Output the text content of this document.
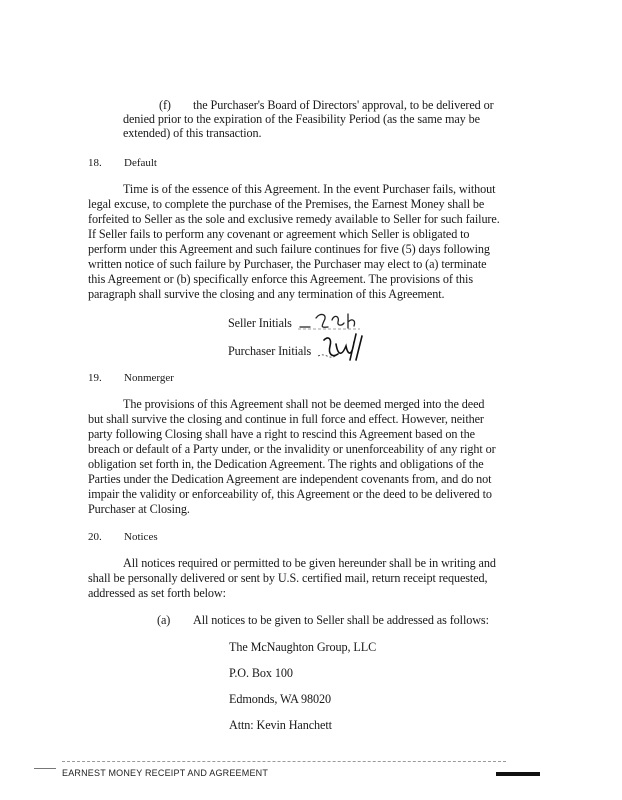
(f) the Purchaser's Board of Directors' approval, to be delivered or
denied prior to the expiration of the Feasibility Period (as the same may be
extended) of this transaction.
18. Default
Time is of the essence of this Agreement. In the event Purchaser fails, without
legal excuse, to complete the purchase of the Premises, the Earnest Money shall be
forfeited to Seller as the sole and exclusive remedy available to Seller for such failure.
If Seller fails to perform any covenant or agreement which Seller is obligated to
perform under this Agreement and such failure continues for five (5) days following
written notice of such failure by Purchaser, the Purchaser may elect to (a) terminate
this Agreement or (b) specifically enforce this Agreement. The provisions of this
paragraph shall survive the closing and any termination of this Agreement.
Seller Initials
Purchaser Initials
19. Nonmerger
The provisions of this Agreement shall not be deemed merged into the deed
but shall survive the closing and continue in full force and effect. However, neither
party following Closing shall have a right to rescind this Agreement based on the
breach or default of a Party under, or the invalidity or unenforceability of any right or
obligation set forth in, the Dedication Agreement. The rights and obligations of the
Parties under the Dedication Agreement are independent covenants from, and do not
impair the validity or enforceability of, this Agreement or the deed to be delivered to
Purchaser at Closing.
20. Notices
All notices required or permitted to be given hereunder shall be in writing and
shall be personally delivered or sent by U.S. certified mail, return receipt requested,
addressed as set forth below:
(a) All notices to be given to Seller shall be addressed as follows:
The McNaughton Group, LLC
P.O. Box 100
Edmonds, WA 98020
Attn: Kevin Hanchett
EARNEST MONEY RECEIPT AND AGREEMENT
